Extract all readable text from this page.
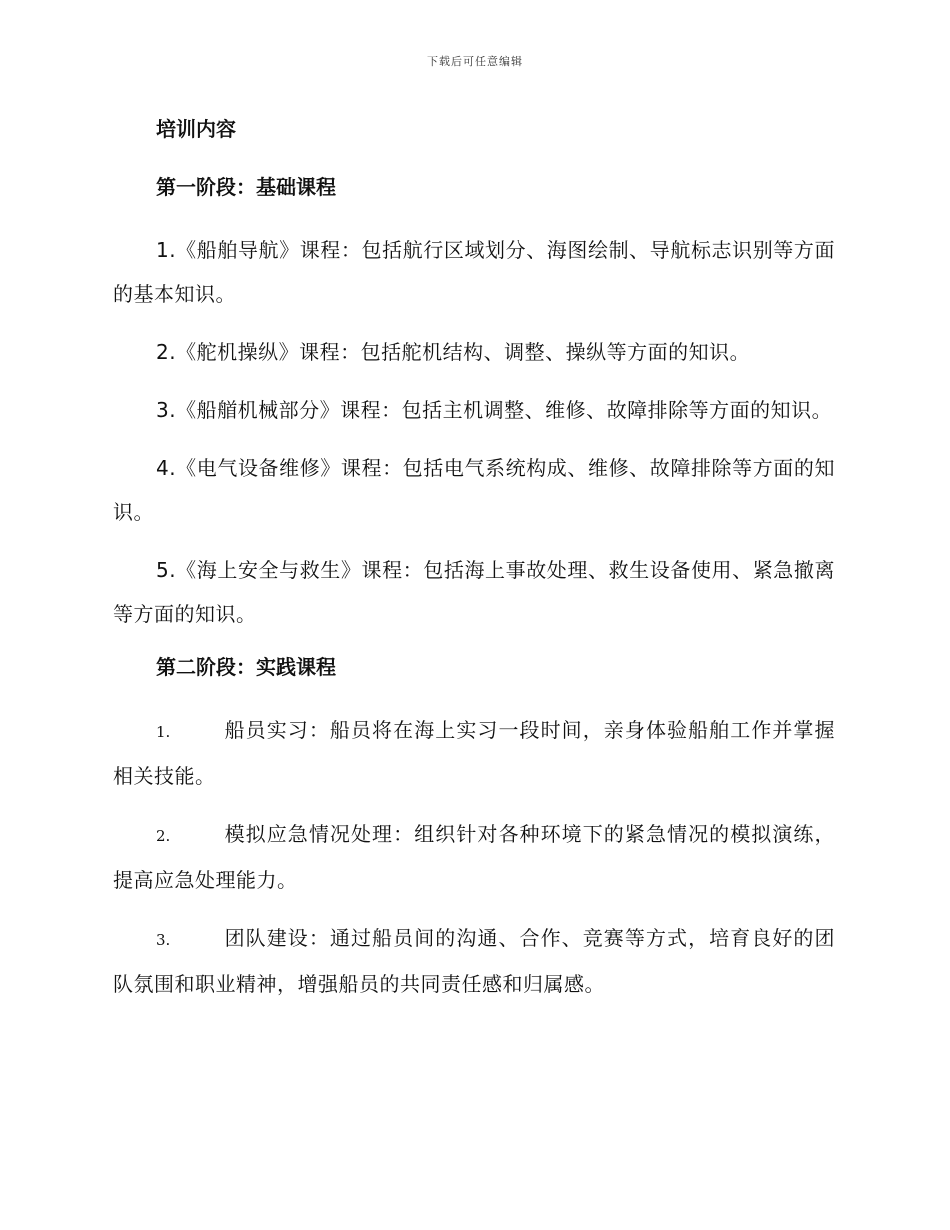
下载后可任意编辑
培训内容
第一阶段：基础课程
1.《船舶导航》课程：包括航行区域划分、海图绘制、导航标志识别等方面的基本知识。
2.《舵机操纵》课程：包括舵机结构、调整、操纵等方面的知识。
3.《船艏机械部分》课程：包括主机调整、维修、故障排除等方面的知识。
4.《电气设备维修》课程：包括电气系统构成、维修、故障排除等方面的知识。
5.《海上安全与救生》课程：包括海上事故处理、救生设备使用、紧急撤离等方面的知识。
第二阶段：实践课程
1.	船员实习：船员将在海上实习一段时间，亲身体验船舶工作并掌握相关技能。
2.	模拟应急情况处理：组织针对各种环境下的紧急情况的模拟演练，提高应急处理能力。
3.	团队建设：通过船员间的沟通、合作、竞赛等方式，培育良好的团队氛围和职业精神，增强船员的共同责任感和归属感。
